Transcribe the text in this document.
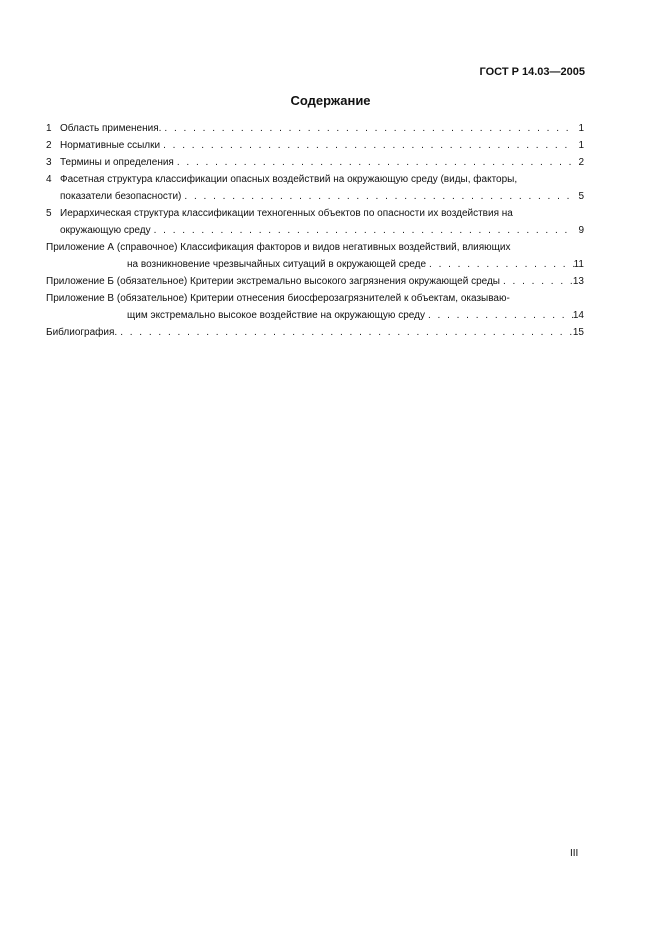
ГОСТ Р 14.03—2005
Содержание
1 Область применения. . . .	1
2 Нормативные ссылки . . .	1
3 Термины и определения . . .	2
4 Фасетная структура классификации опасных воздействий на окружающую среду (виды, факторы,
показатели безопасности) . . .	5
5 Иерархическая структура классификации техногенных объектов по опасности их воздействия на
окружающую среду . . .	9
Приложение А (справочное) Классификация факторов и видов негативных воздействий, влияющих
на возникновение чрезвычайных ситуаций в окружающей среде . . .	11
Приложение Б (обязательное) Критерии экстремально высокого загрязнения окружающей среды . . .	13
Приложение В (обязательное) Критерии отнесения биосферозагрязнителей к объектам, оказываю-
щим экстремально высокое воздействие на окружающую среду . . .	14
Библиография. . . .	15
III
